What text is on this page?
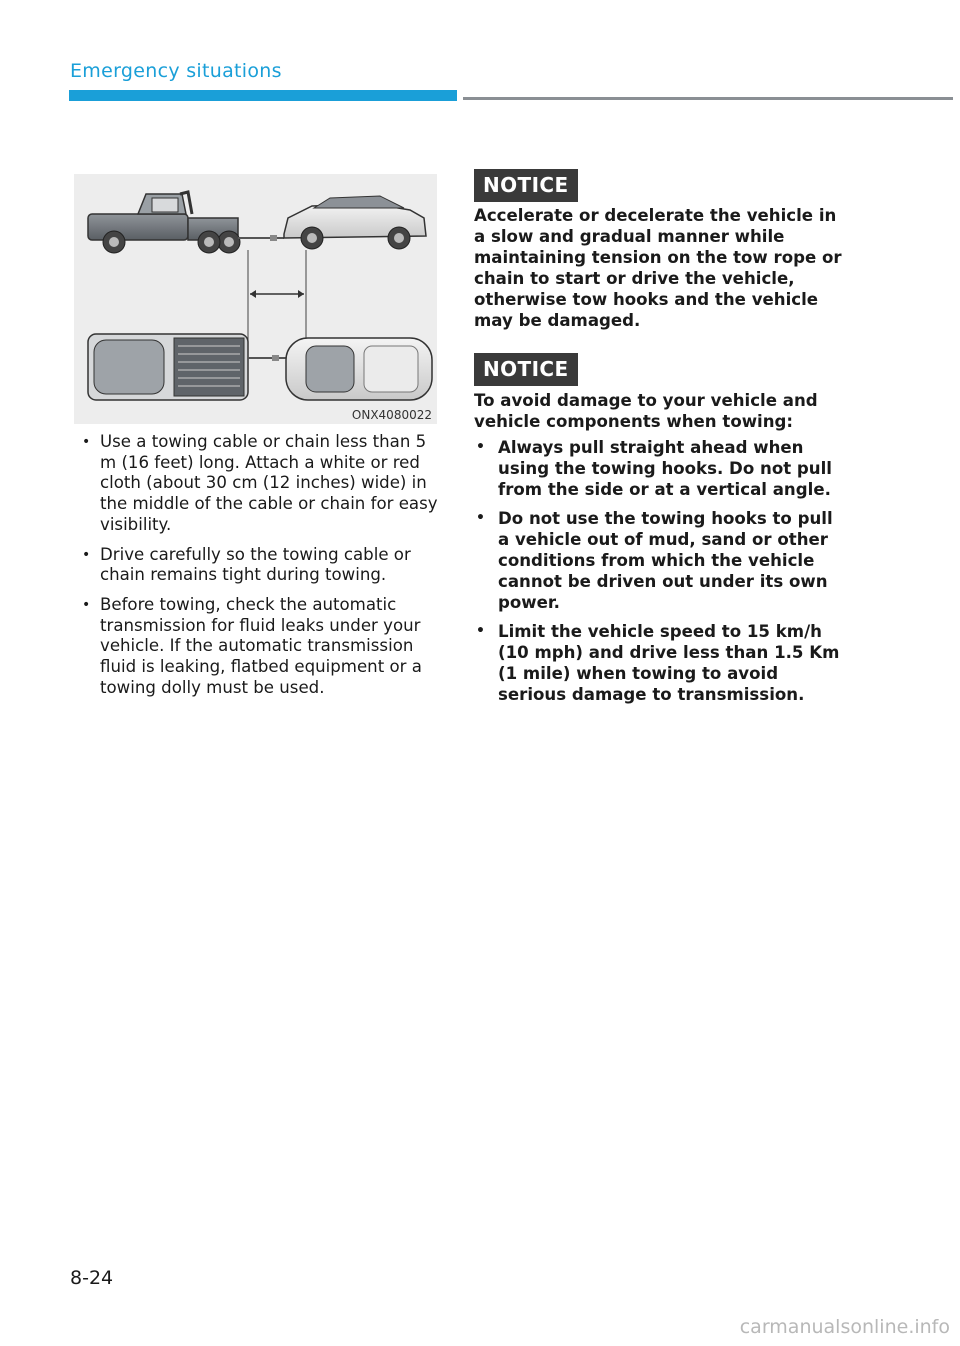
Emergency situations
ONX4080022
• Use a towing cable or chain less than 5 m (16 feet) long. Attach a white or red cloth (about 30 cm (12 inches) wide) in the middle of the cable or chain for easy visibility.
• Drive carefully so the towing cable or chain remains tight during towing.
• Before towing, check the automatic transmission for fluid leaks under your vehicle. If the automatic transmission fluid is leaking, flatbed equipment or a towing dolly must be used.
NOTICE
Accelerate or decelerate the vehicle in a slow and gradual manner while maintaining tension on the tow rope or chain to start or drive the vehicle, otherwise tow hooks and the vehicle may be damaged.
NOTICE
To avoid damage to your vehicle and vehicle components when towing:
• Always pull straight ahead when using the towing hooks. Do not pull from the side or at a vertical angle.
• Do not use the towing hooks to pull a vehicle out of mud, sand or other conditions from which the vehicle cannot be driven out under its own power.
• Limit the vehicle speed to 15 km/h (10 mph) and drive less than 1.5 Km (1 mile) when towing to avoid serious damage to transmission.
8-24
carmanualsonline.info
